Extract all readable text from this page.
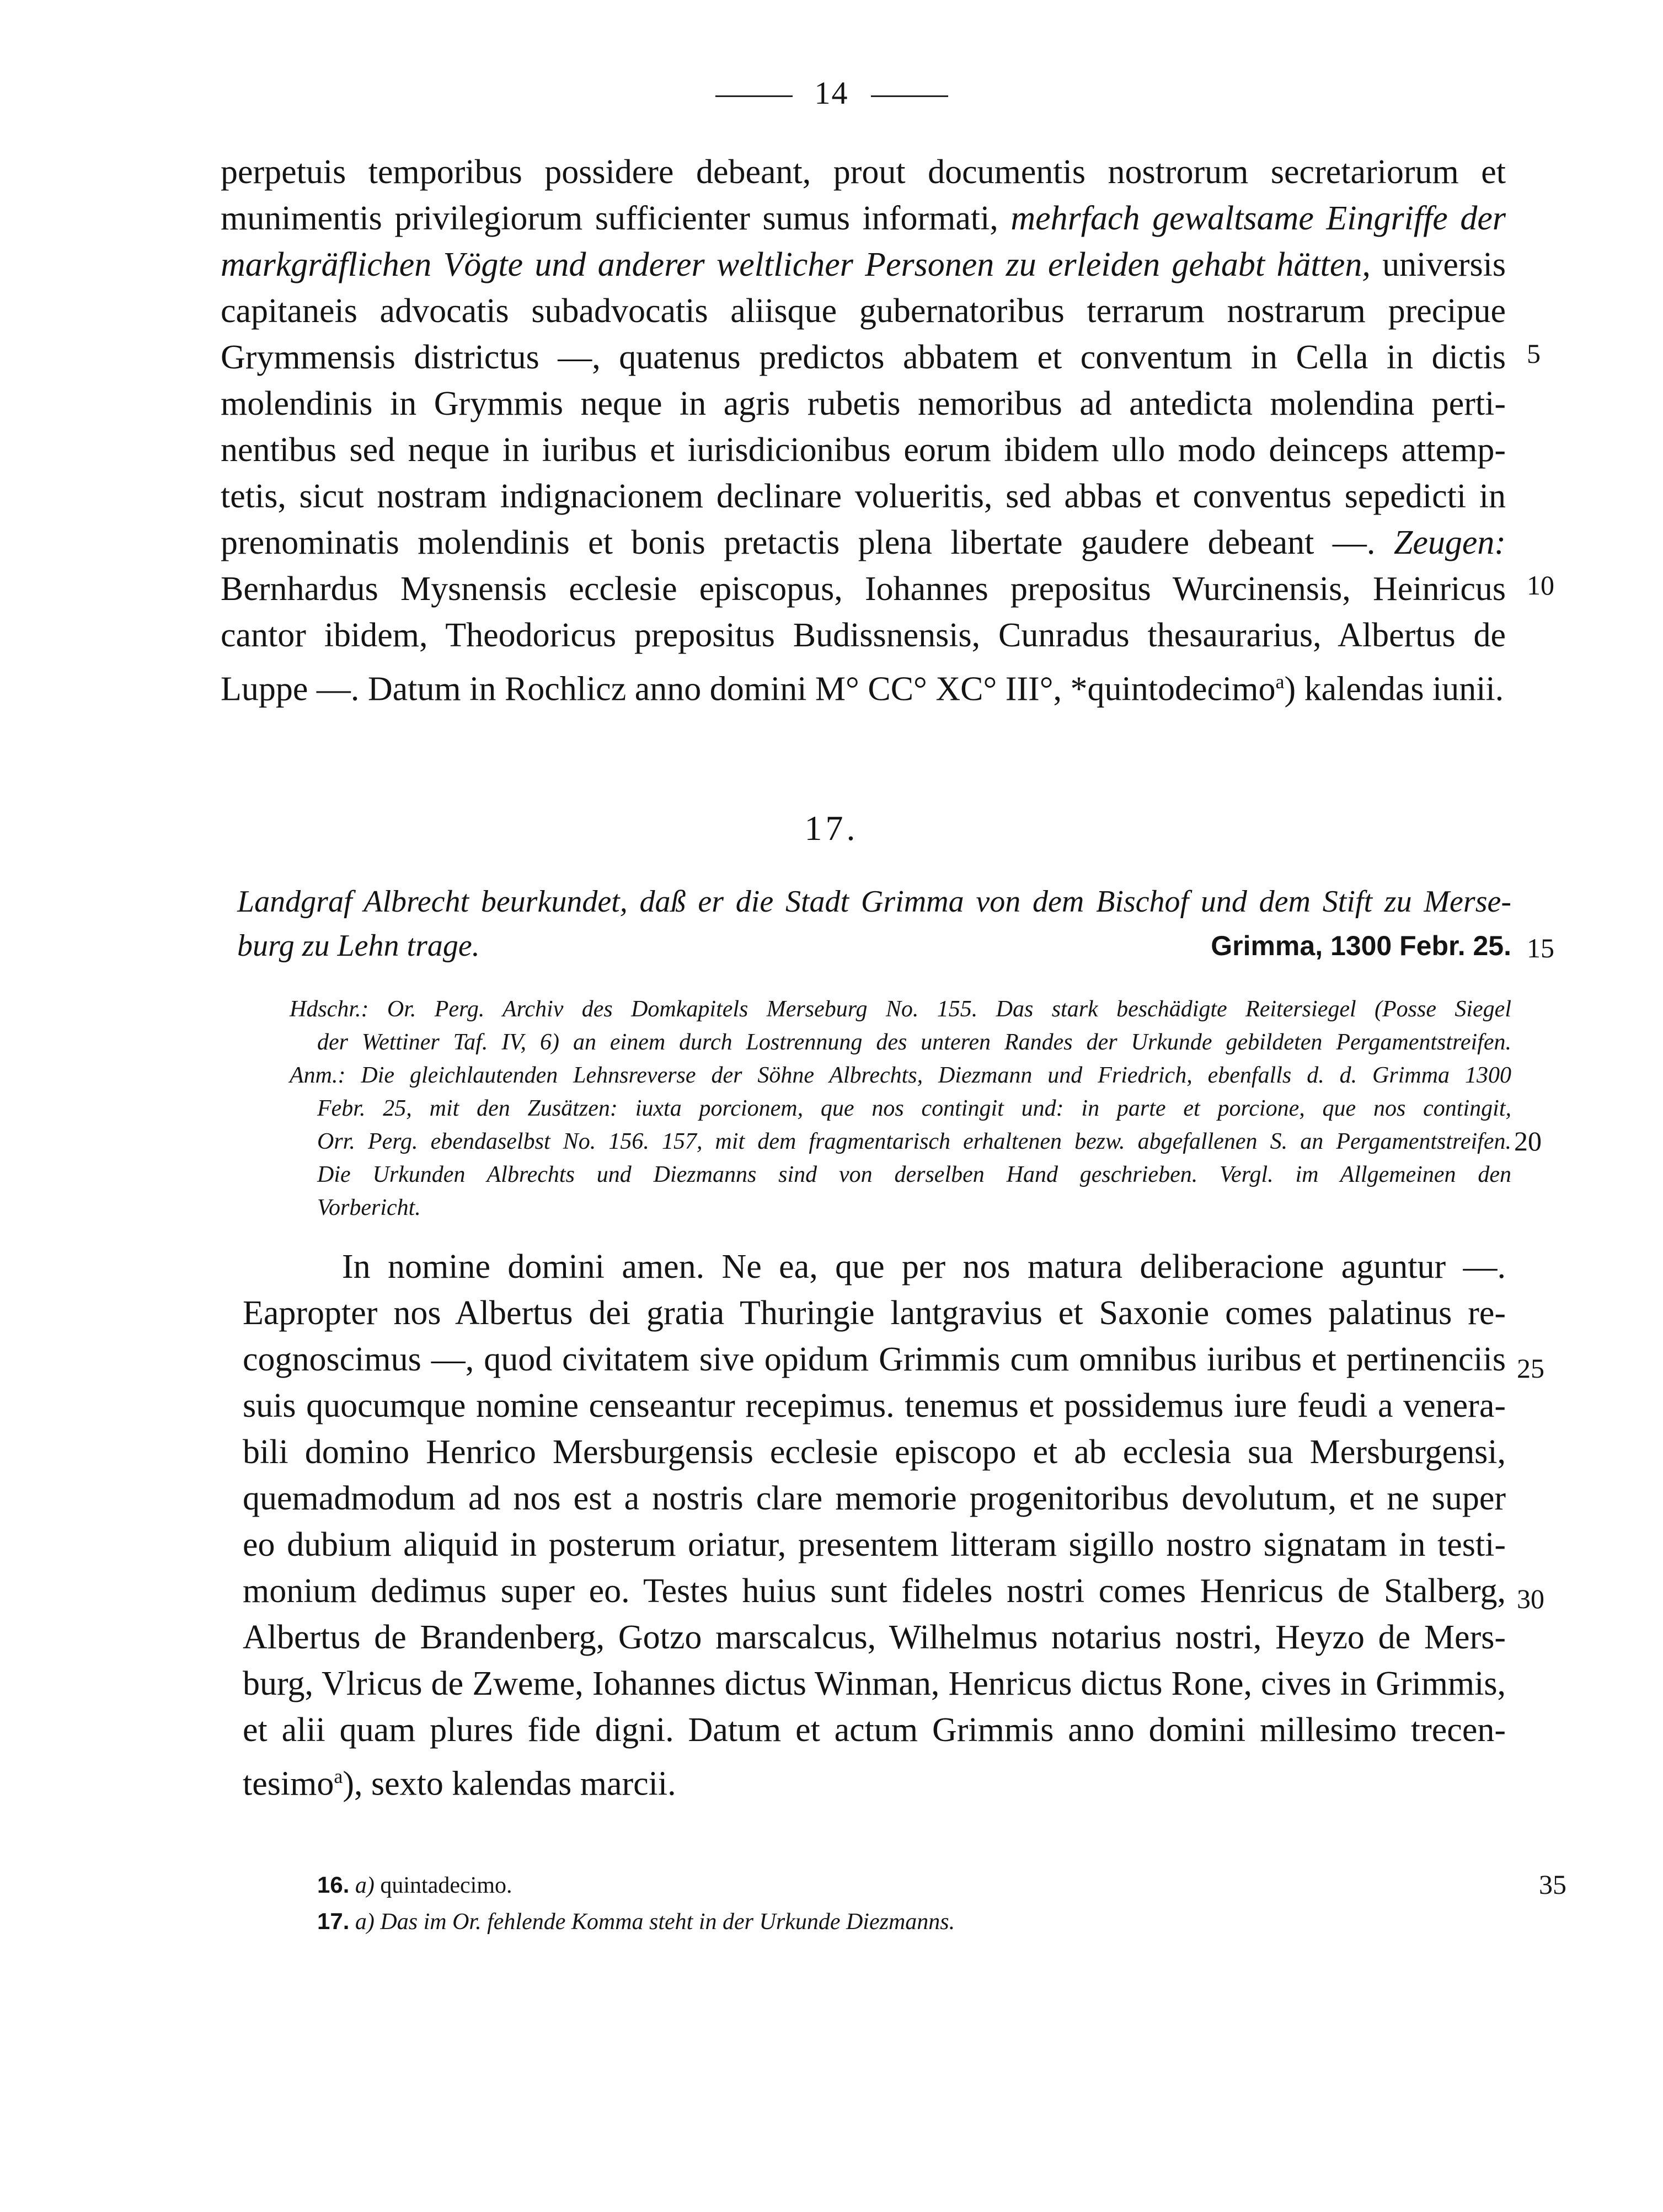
14
perpetuis temporibus possidere debeant, prout documentis nostrorum secretariorum et
munimentis privilegiorum sufficienter sumus informati, mehrfach gewaltsame Eingriffe der
markgräflichen Vögte und anderer weltlicher Personen zu erleiden gehabt hätten, universis
capitaneis advocatis subadvocatis aliisque gubernatoribus terrarum nostrarum precipue
Grymmensis districtus —, quatenus predictos abbatem et conventum in Cella in dictis
molendinis in Grymmis neque in agris rubetis nemoribus ad antedicta molendina perti-
nentibus sed neque in iuribus et iurisdicionibus eorum ibidem ullo modo deinceps attemp-
tetis, sicut nostram indignacionem declinare volueritis, sed abbas et conventus sepedicti in
prenominatis molendinis et bonis pretactis plena libertate gaudere debeant —. Zeugen:
Bernhardus Mysnensis ecclesie episcopus, Iohannes prepositus Wurcinensis, Heinricus
cantor ibidem, Theodoricus prepositus Budissnensis, Cunradus thesaurarius, Albertus de
Luppe —. Datum in Rochlicz anno domini M° CC° XC° III°, *quintodecimo$^a$) kalendas iunii.
5
10
17.
Landgraf Albrecht beurkundet, daß er die Stadt Grimma von dem Bischof und dem Stift zu Merse-
burg zu Lehn trage.	Grimma, 1300 Febr. 25. 15
Hdschr.: Or. Perg. Archiv des Domkapitels Merseburg No. 155. Das stark beschädigte Reitersiegel (Posse Siegel
der Wettiner Taf. IV, 6) an einem durch Lostrennung des unteren Randes der Urkunde gebildeten Pergamentstreifen.
Anm.: Die gleichlautenden Lehnsreverse der Söhne Albrechts, Diezmann und Friedrich, ebenfalls d. d. Grimma 1300
Febr. 25, mit den Zusätzen: iuxta porcionem, que nos contingit und: in parte et porcione, que nos contingit,
Orr. Perg. ebendaselbst No. 156. 157, mit dem fragmentarisch erhaltenen bezw. abgefallenen S. an Pergamentstreifen.
Die Urkunden Albrechts und Diezmanns sind von derselben Hand geschrieben. Vergl. im Allgemeinen den
Vorbericht.
20
In nomine domini amen. Ne ea, que per nos matura deliberacione aguntur —.
Eapropter nos Albertus dei gratia Thuringie lantgravius et Saxonie comes palatinus re-
cognoscimus —, quod civitatem sive opidum Grimmis cum omnibus iuribus et pertinenciis
suis quocumque nomine censeantur recepimus. tenemus et possidemus iure feudi a venera-
bili domino Henrico Mersburgensis ecclesie episcopo et ab ecclesia sua Mersburgensi,
quemadmodum ad nos est a nostris clare memorie progenitoribus devolutum, et ne super
eo dubium aliquid in posterum oriatur, presentem litteram sigillo nostro signatam in testi-
monium dedimus super eo. Testes huius sunt fideles nostri comes Henricus de Stalberg,
Albertus de Brandenberg, Gotzo marscalcus, Wilhelmus notarius nostri, Heyzo de Mers-
burg, Vlricus de Zweme, Iohannes dictus Winman, Henricus dictus Rone, cives in Grimmis,
et alii quam plures fide digni. Datum et actum Grimmis anno domini millesimo trecen-
tesimo$^a$), sexto kalendas marcii.
25
30
16. a) quintadecimo.
17. a) Das im Or. fehlende Komma steht in der Urkunde Diezmanns.
35
